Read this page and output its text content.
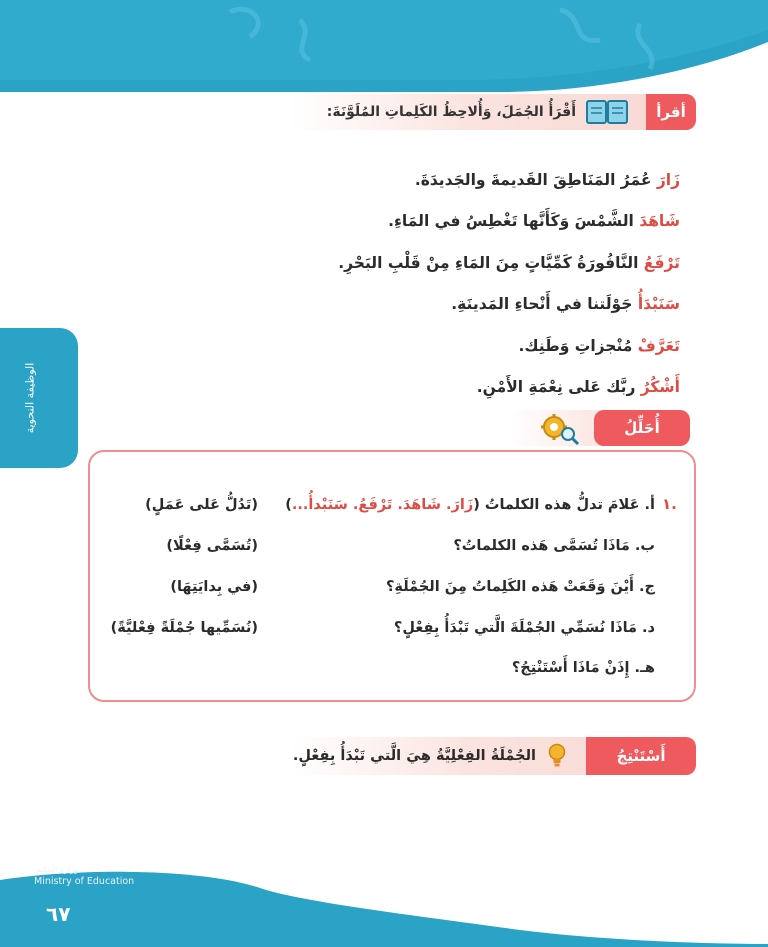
الوظيفة النحوية
أقرأ
أَقْرَأُ الجُمَلَ، وَأُلاحِظُ الكَلِماتِ المُلَوَّنَةَ:
زَارَ عُمَرُ المَنَاطِقَ القَديمةَ والجَديدَةَ.
شَاهَدَ الشَّمْسَ وَكَأَنَّها تَغْطِسُ في المَاءِ.
تَرْفَعُ النَّافُورَةُ كَمِّيَّاتٍ مِنَ المَاءِ مِنْ قَلْبِ البَحْرِ.
سَنَبْدَأُ جَوْلَتنا في أَنْحاءِ المَدينَةِ.
تَعَرَّفْ مُنْجزاتِ وَطَنِك.
أَشْكُرُ ربَّك عَلى نِعْمَةِ الأَمْنِ.
أُحَلِّلُ
١.
أ. عَلامَ تدلُّ هذه الكلماتُ (زَارَ. شَاهَدَ. تَرْفَعُ. سَنَبْدأُ...)
ب. مَاذَا تُسَمَّى هَذه الكلماتُ؟
ج. أَيْنَ وَقَعَتْ هَذه الكَلِماتُ مِنَ الجُمْلَةِ؟
د. مَاذَا نُسَمِّي الجُمْلَةَ الَّتي تَبْدَأُ بِفِعْلٍ؟
هـ. إِذَنْ مَاذَا أَسْتَنْتِجُ؟
(تَدُلُّ عَلى عَمَلٍ)
(تُسَمَّى فِعْلًا)
(في بِدايَتِهَا)
(نُسَمِّيها جُمْلَةً فِعْليَّةً)
أَسْتَنْتِجُ
الجُمْلَةُ الفِعْلِيَّةُ هِيَ الَّتي تَبْدَأُ بِفِعْلٍ.
وزارة التعليم
Ministry of Education
٦٧
